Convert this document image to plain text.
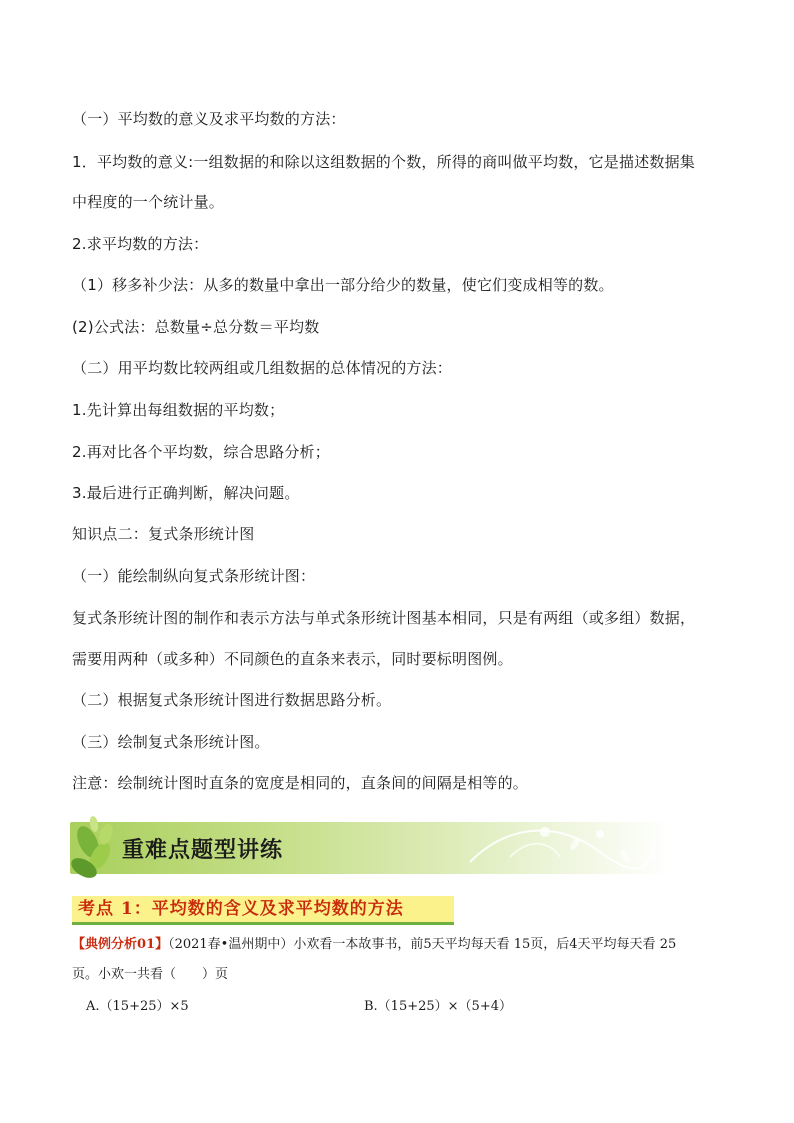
（一）平均数的意义及求平均数的方法：
1．平均数的意义:一组数据的和除以这组数据的个数，所得的商叫做平均数，它是描述数据集
中程度的一个统计量。
2.求平均数的方法：
（1）移多补少法：从多的数量中拿出一部分给少的数量，使它们变成相等的数。
(2)公式法：总数量÷总分数＝平均数
（二）用平均数比较两组或几组数据的总体情况的方法：
1.先计算出每组数据的平均数；
2.再对比各个平均数，综合思路分析；
3.最后进行正确判断，解决问题。
知识点二：复式条形统计图
（一）能绘制纵向复式条形统计图：
复式条形统计图的制作和表示方法与单式条形统计图基本相同，只是有两组（或多组）数据，
需要用两种（或多种）不同颜色的直条来表示，同时要标明图例。
（二）根据复式条形统计图进行数据思路分析。
（三）绘制复式条形统计图。
注意：绘制统计图时直条的宽度是相同的，直条间的间隔是相等的。
重难点题型讲练
考点 1：平均数的含义及求平均数的方法
【典例分析01】（2021春•温州期中）小欢看一本故事书，前5天平均每天看 15页，后4天平均每天看 25
页。小欢一共看（　　）页
A.（15+25）×5	B.（15+25）×（5+4）
